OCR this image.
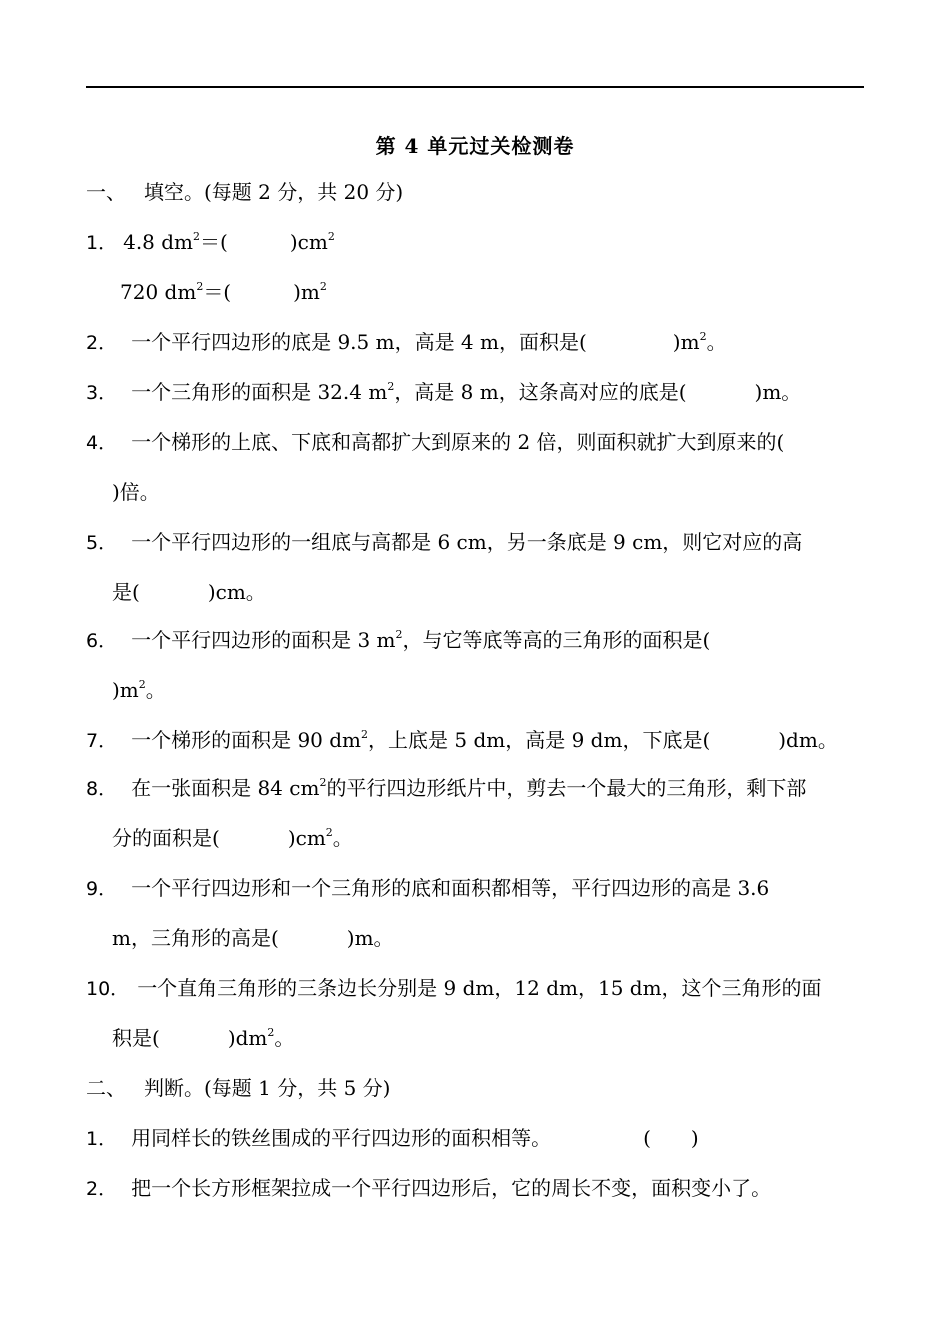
第 4 单元过关检测卷
一、 填空。(每题 2 分，共 20 分)
1． 4.8 $dm^2=$(	)$cm^2$
720 $dm^2=$(	)$m^2$
2． 一个平行四边形的底是 9.5 m，高是 4 m，面积是(	)$m^2$。
3． 一个三角形的面积是 32.4 $m^2$，高是 8 m，这条高对应的底是(	)m。
4． 一个梯形的上底、下底和高都扩大到原来的 2 倍，则面积就扩大到原来的(
)倍。
5． 一个平行四边形的一组底与高都是 6 cm，另一条底是 9 cm，则它对应的高
是(	)cm。
6． 一个平行四边形的面积是 3 $m^2$，与它等底等高的三角形的面积是(
)$m^2$。
7． 一个梯形的面积是 90 $dm^2$，上底是 5 dm，高是 9 dm，下底是(	)dm。
8． 在一张面积是 84 $cm^2$的平行四边形纸片中，剪去一个最大的三角形，剩下部
分的面积是(	)$cm^2$。
9． 一个平行四边形和一个三角形的底和面积都相等，平行四边形的高是 3.6
m，三角形的高是(	)m。
10． 一个直角三角形的三条边长分别是 9 dm，12 dm，15 dm，这个三角形的面
积是(	)$dm^2$。
二、 判断。(每题 1 分，共 5 分)
1． 用同样长的铁丝围成的平行四边形的面积相等。	(　　)
2． 把一个长方形框架拉成一个平行四边形后，它的周长不变，面积变小了。
